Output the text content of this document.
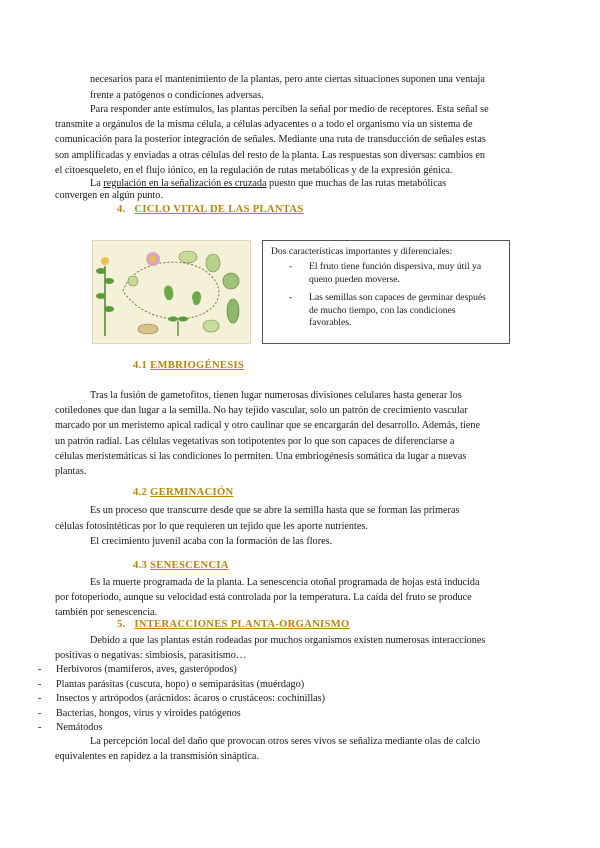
necesarios para el mantenimiento de la plantas, pero ante ciertas situaciones suponen una ventaja
frente a patógenos o condiciones adversas.
Para responder ante estímulos, las plantas perciben la señal por medio de receptores. Esta señal se
transmite a orgánulos de la misma célula, a células adyacentes o a todo el organismo vía un sistema de
comunicación para la posterior integración de señales. Mediante una ruta de transducción de señales estas
son amplificadas y enviadas a otras células del resto de la planta. Las respuestas son diversas: cambios en
el citoesqueleto, en el flujo iónico, en la regulación de rutas metabólicas y de la expresión génica.
La regulación en la señalización es cruzada puesto que muchas de las rutas metabólicas
convergen en algún punto.
4. CICLO VITAL DE LAS PLANTAS
Dos características importantes y diferenciales:
- El fruto tiene función dispersiva, muy útil ya
queno pueden moverse.
- Las semillas son capaces de germinar después
de mucho tiempo, con las condiciones
favorables.
4.1 EMBRIOGÉNESIS
Tras la fusión de gametofitos, tienen lugar numerosas divisiones celulares hasta generar los
cotiledones que dan lugar a la semilla. No hay tejido vascular, solo un patrón de crecimiento vascular
marcado por un meristemo apical radical y otro caulinar que se encargarán del desarrollo. Además, tiene
un patrón radial. Las células vegetativas son totipotentes por lo que son capaces de diferenciarse a
células meristemáticas si las condiciones lo permiten. Una embriogénesis somática da lugar a nuevas
plantas.
4.2 GERMINACIÓN
Es un proceso que transcurre desde que se abre la semilla hasta que se forman las primeras
células fotosintéticas por lo que requieren un tejido que les aporte nutrientes.
El crecimiento juvenil acaba con la formación de las flores.
4.3 SENESCENCIA
Es la muerte programada de la planta. La senescencia otoñal programada de hojas está inducida
por fotoperiodo, aunque su velocidad está controlada por la temperatura. La caída del fruto se produce
también por senescencia.
5. INTERACCIONES PLANTA-ORGANISMO
Debido a que las plantas están rodeadas por muchos organismos existen numerosas interacciones
positivas o negativas: simbiosis, parasitismo…
- Herbívoros (mamíferos, aves, gasterópodos)
- Plantas parásitas (cuscuta, hopo) o semiparásitas (muérdago)
- Insectos y artrópodos (arácnidos: ácaros o crustáceos: cochinillas)
- Bacterias, hongos, virus y viroides patógenos
- Nemátodos
La percepción local del daño que provocan otros seres vivos se señaliza mediante olas de calcio
equivalentes en rapidez a la transmisión sináptica.
